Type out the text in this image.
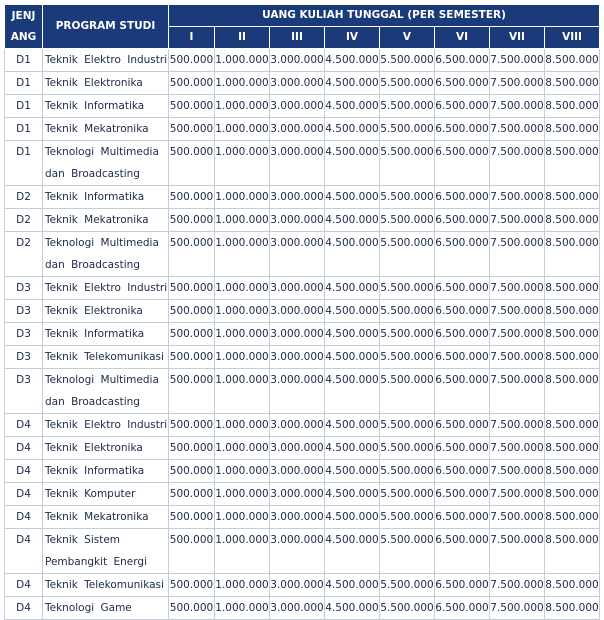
JENJ
ANG	PROGRAM STUDI	UANG KULIAH TUNGGAL (PER SEMESTER)							
		I	II	III	IV	V	VI	VII	VIII
D1	Teknik Elektro Industri	500.000	1.000.000	3.000.000	4.500.000	5.500.000	6.500.000	7.500.000	8.500.000
D1	Teknik Elektronika	500.000	1.000.000	3.000.000	4.500.000	5.500.000	6.500.000	7.500.000	8.500.000
D1	Teknik Informatika	500.000	1.000.000	3.000.000	4.500.000	5.500.000	6.500.000	7.500.000	8.500.000
D1	Teknik Mekatronika	500.000	1.000.000	3.000.000	4.500.000	5.500.000	6.500.000	7.500.000	8.500.000
D1	Teknologi Multimedia dan Broadcasting	500.000	1.000.000	3.000.000	4.500.000	5.500.000	6.500.000	7.500.000	8.500.000
D2	Teknik Informatika	500.000	1.000.000	3.000.000	4.500.000	5.500.000	6.500.000	7.500.000	8.500.000
D2	Teknik Mekatronika	500.000	1.000.000	3.000.000	4.500.000	5.500.000	6.500.000	7.500.000	8.500.000
D2	Teknologi Multimedia dan Broadcasting	500.000	1.000.000	3.000.000	4.500.000	5.500.000	6.500.000	7.500.000	8.500.000
D3	Teknik Elektro Industri	500.000	1.000.000	3.000.000	4.500.000	5.500.000	6.500.000	7.500.000	8.500.000
D3	Teknik Elektronika	500.000	1.000.000	3.000.000	4.500.000	5.500.000	6.500.000	7.500.000	8.500.000
D3	Teknik Informatika	500.000	1.000.000	3.000.000	4.500.000	5.500.000	6.500.000	7.500.000	8.500.000
D3	Teknik Telekomunikasi	500.000	1.000.000	3.000.000	4.500.000	5.500.000	6.500.000	7.500.000	8.500.000
D3	Teknologi Multimedia dan Broadcasting	500.000	1.000.000	3.000.000	4.500.000	5.500.000	6.500.000	7.500.000	8.500.000
D4	Teknik Elektro Industri	500.000	1.000.000	3.000.000	4.500.000	5.500.000	6.500.000	7.500.000	8.500.000
D4	Teknik Elektronika	500.000	1.000.000	3.000.000	4.500.000	5.500.000	6.500.000	7.500.000	8.500.000
D4	Teknik Informatika	500.000	1.000.000	3.000.000	4.500.000	5.500.000	6.500.000	7.500.000	8.500.000
D4	Teknik Komputer	500.000	1.000.000	3.000.000	4.500.000	5.500.000	6.500.000	7.500.000	8.500.000
D4	Teknik Mekatronika	500.000	1.000.000	3.000.000	4.500.000	5.500.000	6.500.000	7.500.000	8.500.000
D4	Teknik Sistem Pembangkit Energi	500.000	1.000.000	3.000.000	4.500.000	5.500.000	6.500.000	7.500.000	8.500.000
D4	Teknik Telekomunikasi	500.000	1.000.000	3.000.000	4.500.000	5.500.000	6.500.000	7.500.000	8.500.000
D4	Teknologi Game	500.000	1.000.000	3.000.000	4.500.000	5.500.000	6.500.000	7.500.000	8.500.000
